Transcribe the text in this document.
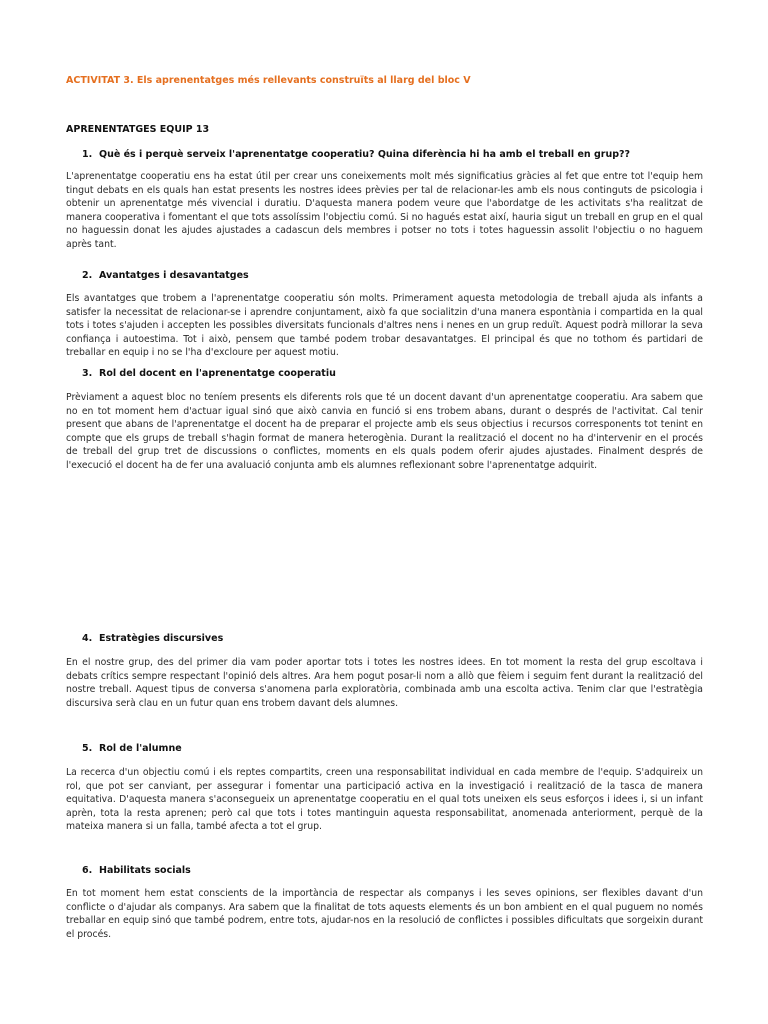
ACTIVITAT 3. Els aprenentatges més rellevants construïts al llarg del bloc V
APRENENTATGES EQUIP 13
1. Què és i perquè serveix l'aprenentatge cooperatiu? Quina diferència hi ha amb el treball en grup??

L'aprenentatge cooperatiu ens ha estat útil per crear uns coneixements molt més significatius gràcies al fet que entre tot l'equip hem tingut debats en els quals han estat presents les nostres idees prèvies per tal de relacionar-les amb els nous continguts de psicologia i obtenir un aprenentatge més vivencial i duratiu. D'aquesta manera podem veure que l'abordatge de les activitats s'ha realitzat de manera cooperativa i fomentant el que tots assolíssim l'objectiu comú. Si no hagués estat així, hauria sigut un treball en grup en el qual no haguessin donat les ajudes ajustades a cadascun dels membres i potser no tots i totes haguessin assolit l'objectiu o no haguem après tant.

2. Avantatges i desavantatges

Els avantatges que trobem a l'aprenentatge cooperatiu són molts. Primerament aquesta metodologia de treball ajuda als infants a satisfer la necessitat de relacionar-se i aprendre conjuntament, això fa que socialitzin d'una manera espontània i compartida en la qual tots i totes s'ajuden i accepten les possibles diversitats funcionals d'altres nens i nenes en un grup reduït. Aquest podrà millorar la seva confiança i autoestima. Tot i això, pensem que també podem trobar desavantatges. El principal és que no tothom és partidari de treballar en equip i no se l'ha d'excloure per aquest motiu.

3. Rol del docent en l'aprenentatge cooperatiu

Prèviament a aquest bloc no teníem presents els diferents rols que té un docent davant d'un aprenentatge cooperatiu. Ara sabem que no en tot moment hem d'actuar igual sinó que això canvia en funció si ens trobem abans, durant o després de l'activitat. Cal tenir present que abans de l'aprenentatge el docent ha de preparar el projecte amb els seus objectius i recursos corresponents tot tenint en compte que els grups de treball s'hagin format de manera heterogènia. Durant la realització el docent no ha d'intervenir en el procés de treball del grup tret de discussions o conflictes, moments en els quals podem oferir ajudes ajustades. Finalment després de l'execució el docent ha de fer una avaluació conjunta amb els alumnes reflexionant sobre l'aprenentatge adquirit.

4. Estratègies discursives

En el nostre grup, des del primer dia vam poder aportar tots i totes les nostres idees. En tot moment la resta del grup escoltava i debats crítics sempre respectant l'opinió dels altres. Ara hem pogut posar-li nom a allò que fèiem i seguim fent durant la realització del nostre treball. Aquest tipus de conversa s'anomena parla exploratòria, combinada amb una escolta activa. Tenim clar que l'estratègia discursiva serà clau en un futur quan ens trobem davant dels alumnes.

5. Rol de l'alumne

La recerca d'un objectiu comú i els reptes compartits, creen una responsabilitat individual en cada membre de l'equip. S'adquireix un rol, que pot ser canviant, per assegurar i fomentar una participació activa en la investigació i realització de la tasca de manera equitativa. D'aquesta manera s'aconsegueix un aprenentatge cooperatiu en el qual tots uneixen els seus esforços i idees i, si un infant aprèn, tota la resta aprenen; però cal que tots i totes mantinguin aquesta responsabilitat, anomenada anteriorment, perquè de la mateixa manera si un falla, també afecta a tot el grup.

6. Habilitats socials

En tot moment hem estat conscients de la importància de respectar als companys i les seves opinions, ser flexibles davant d'un conflicte o d'ajudar als companys. Ara sabem que la finalitat de tots aquests elements és un bon ambient en el qual puguem no només treballar en equip sinó que també podrem, entre tots, ajudar-nos en la resolució de conflictes i possibles dificultats que sorgeixin durant el procés.
